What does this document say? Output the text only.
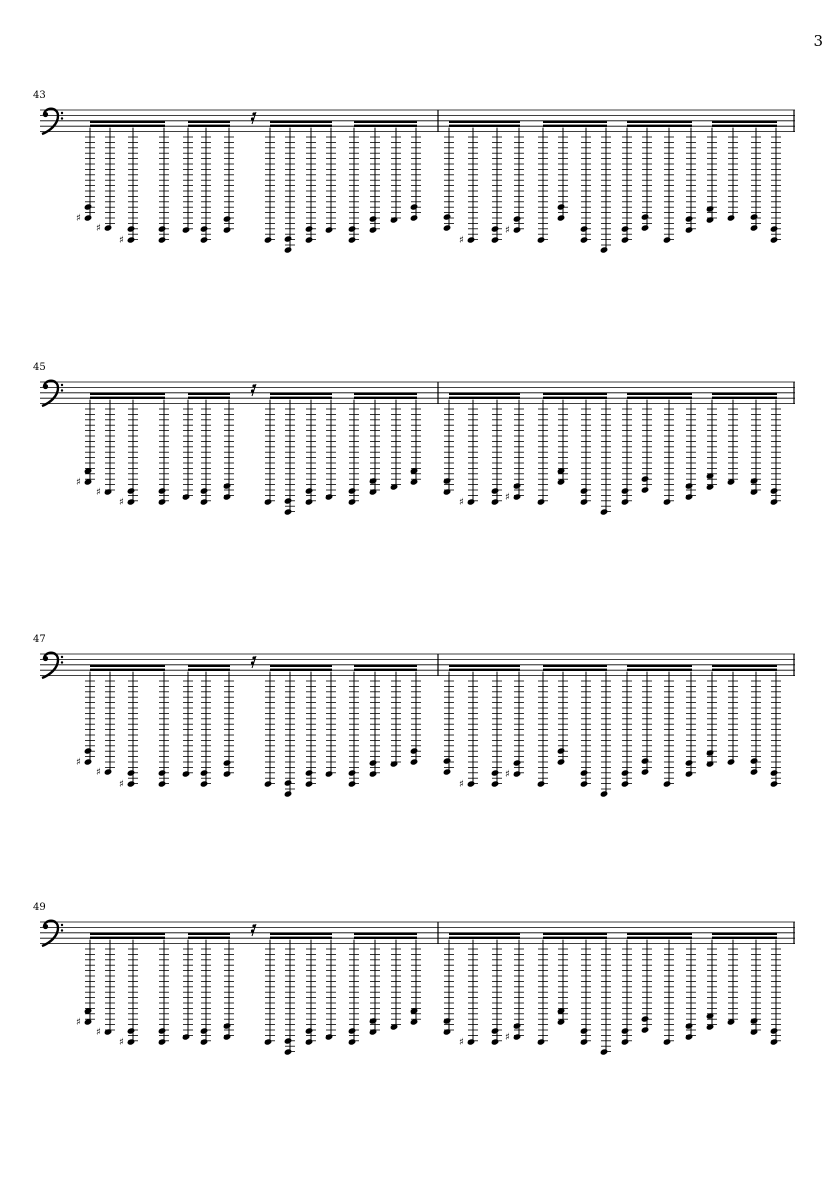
3
43
♯
♯
♯	♯
♯
45
♯
♯
♯	♯	♯
47
♯
♯
♯	♯
♯
49
♯
♯
♯	♯	♯
